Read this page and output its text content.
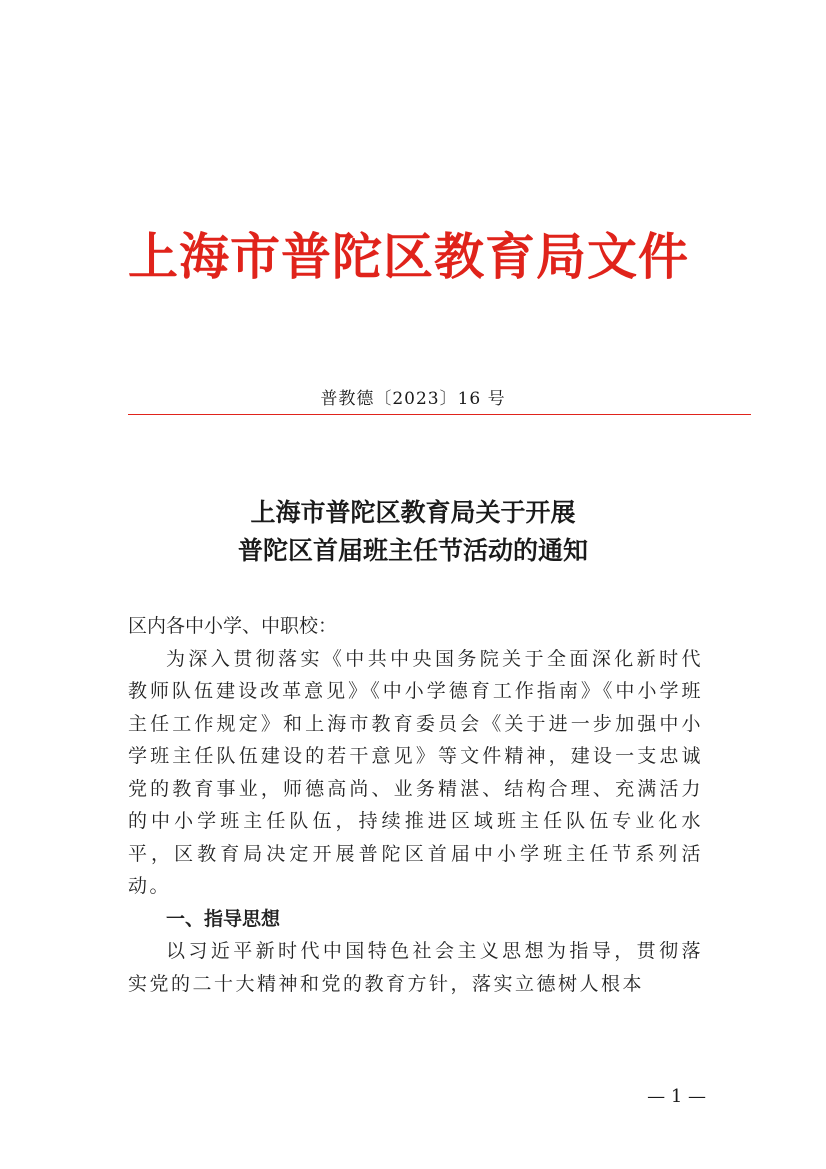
上海市普陀区教育局文件
普教德〔2023〕16 号
上海市普陀区教育局关于开展
普陀区首届班主任节活动的通知

区内各中小学、中职校：

为深入贯彻落实《中共中央国务院关于全面深化新时代教师队伍建设改革意见》《中小学德育工作指南》《中小学班主任工作规定》和上海市教育委员会《关于进一步加强中小学班主任队伍建设的若干意见》等文件精神，建设一支忠诚党的教育事业，师德高尚、业务精湛、结构合理、充满活力的中小学班主任队伍，持续推进区域班主任队伍专业化水平，区教育局决定开展普陀区首届中小学班主任节系列活动。

一、指导思想

以习近平新时代中国特色社会主义思想为指导，贯彻落实党的二十大精神和党的教育方针，落实立德树人根本

— 1 —
